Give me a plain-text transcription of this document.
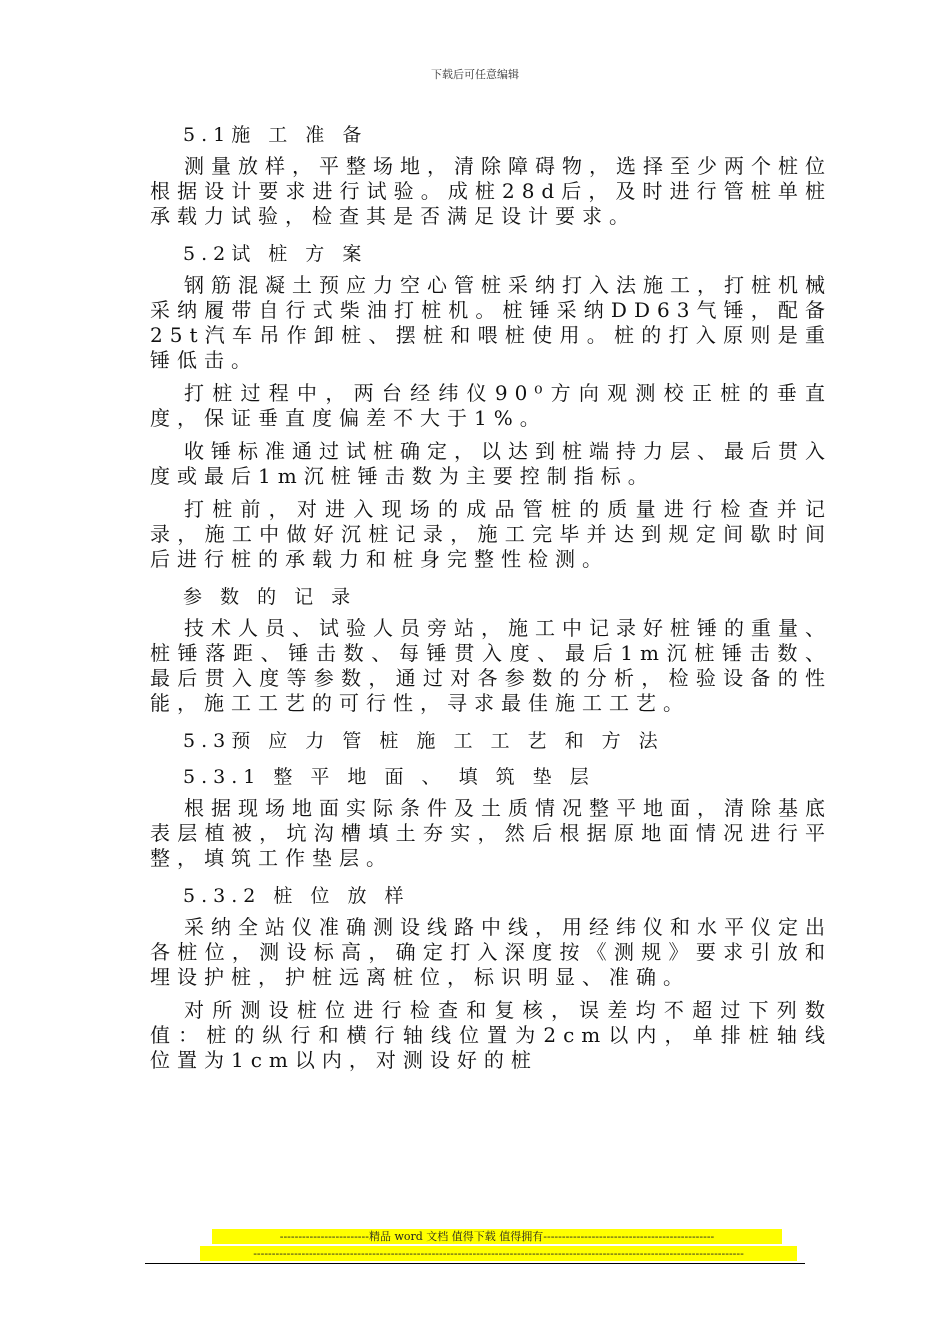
下载后可任意编辑
5.1施 工 准 备
测量放样，平整场地，清除障碍物，选择至少两个桩位根据设计要求进行试验。成桩28d后，及时进行管桩单桩承载力试验，检查其是否满足设计要求。
5.2试 桩 方 案
钢筋混凝土预应力空心管桩采纳打入法施工，打桩机械采纳履带自行式柴油打桩机。桩锤采纳DD63气锤，配备25t汽车吊作卸桩、摆桩和喂桩使用。桩的打入原则是重锤低击。
打桩过程中，两台经纬仪90⁰方向观测校正桩的垂直度，保证垂直度偏差不大于1%。
收锤标准通过试桩确定，以达到桩端持力层、最后贯入度或最后1m沉桩锤击数为主要控制指标。
打桩前，对进入现场的成品管桩的质量进行检查并记录，施工中做好沉桩记录，施工完毕并达到规定间歇时间后进行桩的承载力和桩身完整性检测。
参 数 的 记 录
技术人员、试验人员旁站，施工中记录好桩锤的重量、桩锤落距、锤击数、每锤贯入度、最后1m沉桩锤击数、最后贯入度等参数，通过对各参数的分析，检验设备的性能，施工工艺的可行性，寻求最佳施工工艺。
5.3预 应 力 管 桩 施 工 工 艺 和 方 法
5.3.1 整 平 地 面 、 填 筑 垫 层
根据现场地面实际条件及土质情况整平地面，清除基底表层植被，坑沟槽填土夯实，然后根据原地面情况进行平整，填筑工作垫层。
5.3.2 桩 位 放 样
采纳全站仪准确测设线路中线，用经纬仪和水平仪定出各桩位，测设标高，确定打入深度按《测规》要求引放和埋设护桩，护桩远离桩位，标识明显、准确。
对所测设桩位进行检查和复核，误差均不超过下列数值：桩的纵行和横行轴线位置为2cm以内，单排桩轴线位置为1cm以内，对测设好的桩
------------------------精品 word 文档 值得下载 值得拥有----------------------------------------------
------------------------------------------------------------------------------------------------------------------------------------
